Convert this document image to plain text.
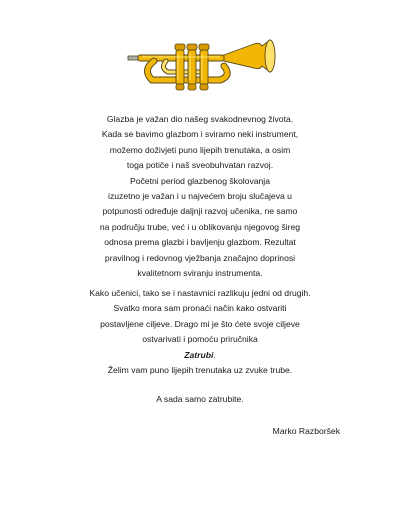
Glazba je važan dio našeg svakodnevnog života.
Kada se bavimo glazbom i sviramo neki instrument,
možemo doživjeti puno lijepih trenutaka, a osim
toga potiče i naš sveobuhvatan razvoj.
Početni period glazbenog školovanja
izuzetno je važan i u najvećem broju slučajeva u
potpunosti određuje daljnji razvoj učenika, ne samo
na području trube, već i u oblikovanju njegovog šireg
odnosa prema glazbi i bavljenju glazbom. Rezultat
pravilnog i redovnog vježbanja značajno doprinosi
kvalitetnom sviranju instrumenta.
Kako učenici, tako se i nastavnici razlikuju jedni od drugih.
Svatko mora sam pronaći način kako ostvariti
postavljene ciljeve. Drago mi je što ćete svoje ciljeve
ostvarivati i pomoću priručnika
Zatrubi.
Želim vam puno lijepih trenutaka uz zvuke trube.
A sada samo zatrubite.
Marko Razboršek
